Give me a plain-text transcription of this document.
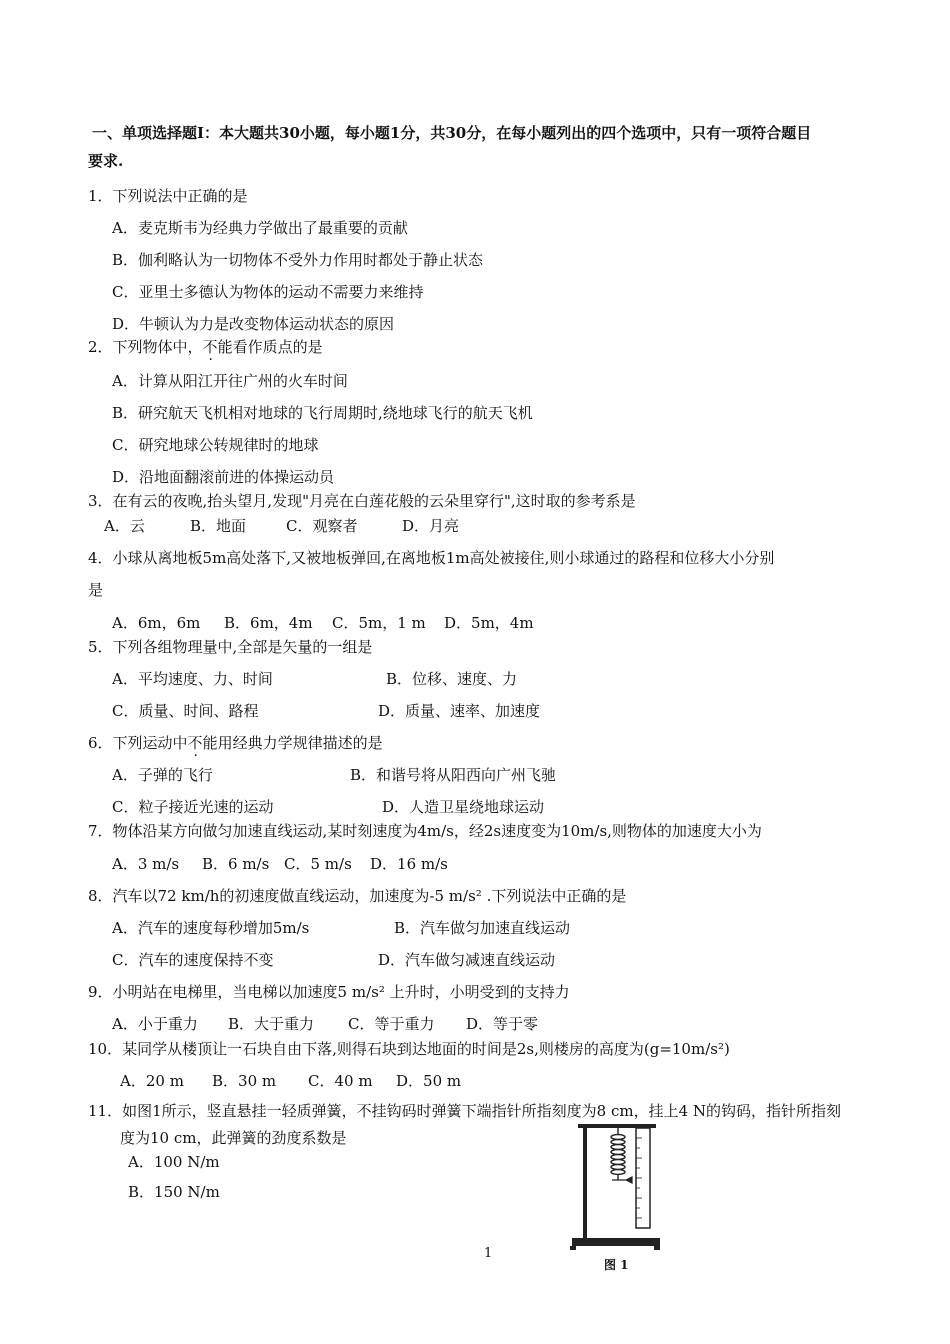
一、单项选择题Ⅰ：本大题共30小题，每小题1分，共30分，在每小题列出的四个选项中，只有一项符合题目
要求.
1．下列说法中正确的是
A．麦克斯韦为经典力学做出了最重要的贡献
B．伽利略认为一切物体不受外力作用时都处于静止状态
C．亚里士多德认为物体的运动不需要力来维持
D．牛顿认为力是改变物体运动状态的原因
2．下列物体中，不能看作质点的是
A．计算从阳江开往广州的火车时间
B．研究航天飞机相对地球的飞行周期时,绕地球飞行的航天飞机
C．研究地球公转规律时的地球
D．沿地面翻滚前进的体操运动员
3．在有云的夜晚,抬头望月,发现"月亮在白莲花般的云朵里穿行",这时取的参考系是
A．云	B．地面	C．观察者	D．月亮
4．小球从离地板5m高处落下,又被地板弹回,在离地板1m高处被接住,则小球通过的路程和位移大小分别
是
A．6m，6m B．6m，4m C．5m，1 m D．5m，4m
5．下列各组物理量中,全部是矢量的一组是
A．平均速度、力、时间	B．位移、速度、力
C．质量、时间、路程	D．质量、速率、加速度
6．下列运动中不能用经典力学规律描述的是
A．子弹的飞行	B．和谐号将从阳西向广州飞驰
C．粒子接近光速的运动	D．人造卫星绕地球运动
7．物体沿某方向做匀加速直线运动,某时刻速度为4m/s，经2s速度变为10m/s,则物体的加速度大小为
A．3 m/s B．6 m/s C．5 m/s D．16 m/s
8．汽车以72 km/h的初速度做直线运动，加速度为-5 m/s² .下列说法中正确的是
A．汽车的速度每秒增加5m/s	B．汽车做匀加速直线运动
C．汽车的速度保持不变	D．汽车做匀减速直线运动
9．小明站在电梯里，当电梯以加速度5 m/s² 上升时，小明受到的支持力
A．小于重力 B．大于重力 C．等于重力 D．等于零
10．某同学从楼顶让一石块自由下落,则得石块到达地面的时间是2s,则楼房的高度为(g=10m/s²)
A．20 m B．30 m C．40 m D．50 m
11．如图1所示，竖直悬挂一轻质弹簧，不挂钩码时弹簧下端指针所指刻度为8 cm，挂上4 N的钩码，指针所指刻
度为10 cm，此弹簧的劲度系数是
A．100 N/m
B．150 N/m
图 1
1
